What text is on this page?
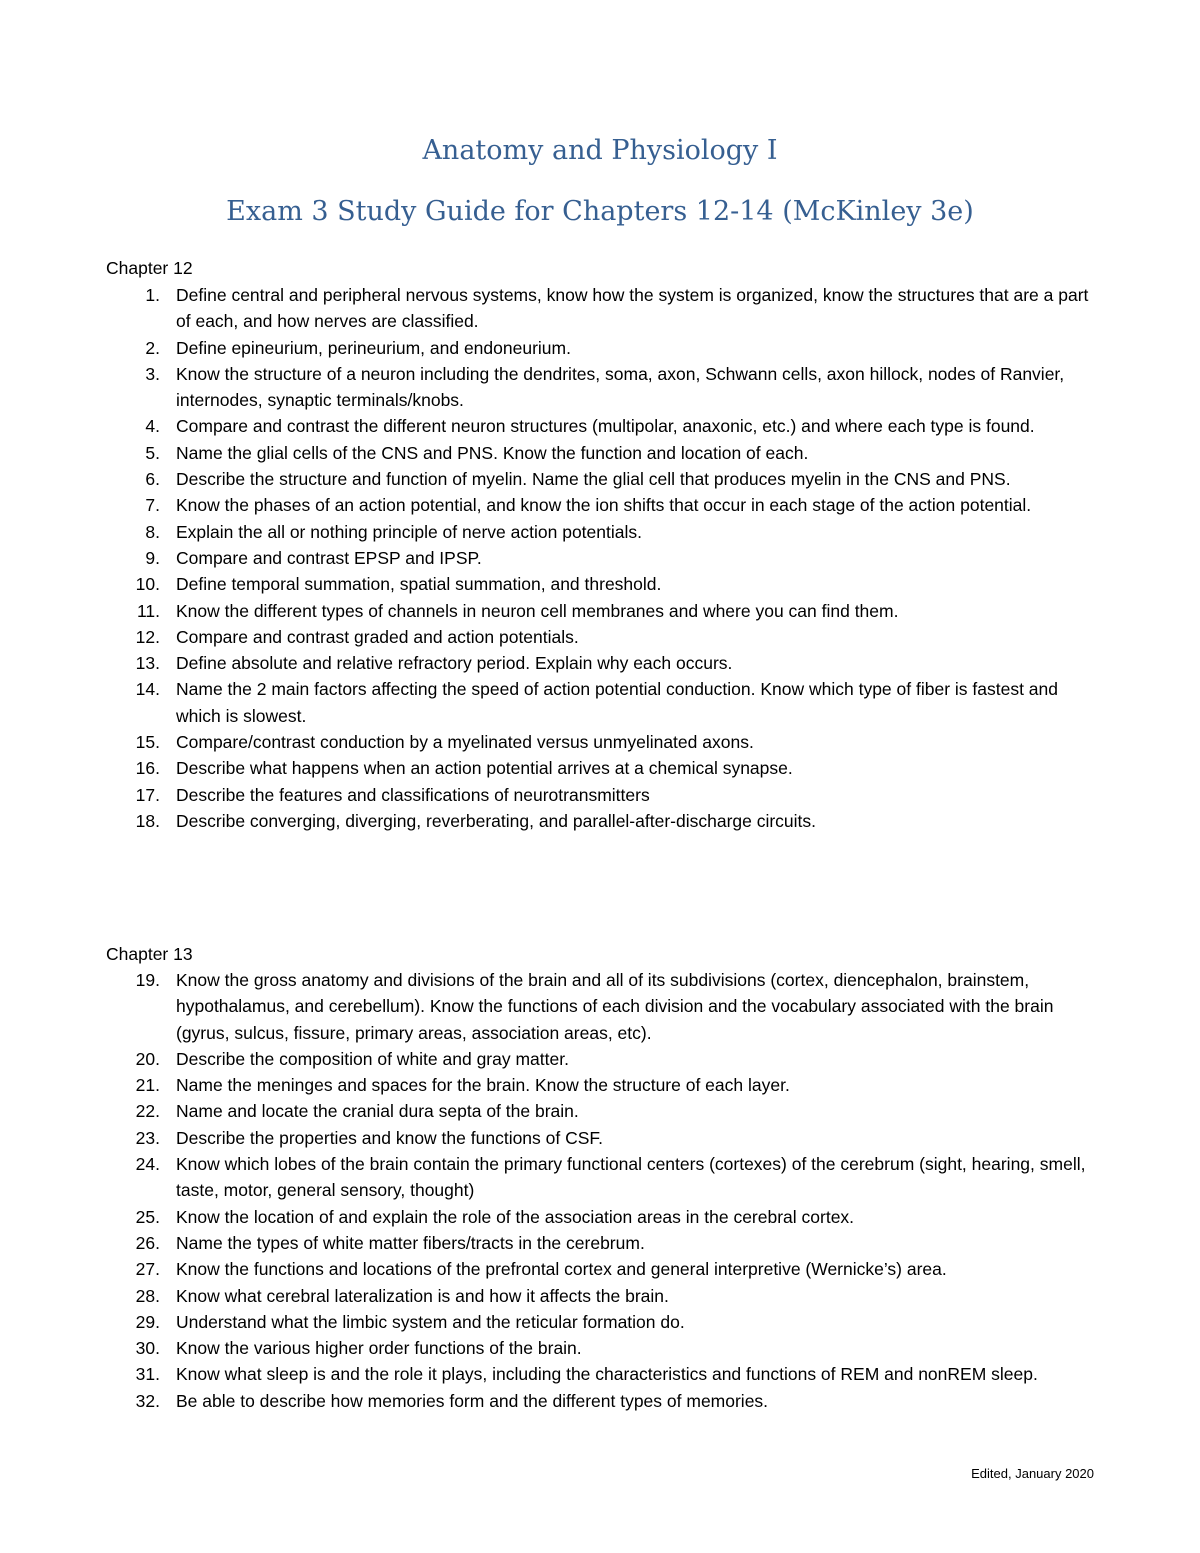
Anatomy and Physiology I
Exam 3 Study Guide for Chapters 12-14 (McKinley 3e)
Chapter 12
1. Define central and peripheral nervous systems, know how the system is organized, know the structures that are a part of each, and how nerves are classified.
2. Define epineurium, perineurium, and endoneurium.
3. Know the structure of a neuron including the dendrites, soma, axon, Schwann cells, axon hillock, nodes of Ranvier, internodes, synaptic terminals/knobs.
4. Compare and contrast the different neuron structures (multipolar, anaxonic, etc.) and where each type is found.
5. Name the glial cells of the CNS and PNS. Know the function and location of each.
6. Describe the structure and function of myelin. Name the glial cell that produces myelin in the CNS and PNS.
7. Know the phases of an action potential, and know the ion shifts that occur in each stage of the action potential.
8. Explain the all or nothing principle of nerve action potentials.
9. Compare and contrast EPSP and IPSP.
10. Define temporal summation, spatial summation, and threshold.
11. Know the different types of channels in neuron cell membranes and where you can find them.
12. Compare and contrast graded and action potentials.
13. Define absolute and relative refractory period. Explain why each occurs.
14. Name the 2 main factors affecting the speed of action potential conduction. Know which type of fiber is fastest and which is slowest.
15. Compare/contrast conduction by a myelinated versus unmyelinated axons.
16. Describe what happens when an action potential arrives at a chemical synapse.
17. Describe the features and classifications of neurotransmitters
18. Describe converging, diverging, reverberating, and parallel-after-discharge circuits.
Chapter 13
19. Know the gross anatomy and divisions of the brain and all of its subdivisions (cortex, diencephalon, brainstem, hypothalamus, and cerebellum). Know the functions of each division and the vocabulary associated with the brain (gyrus, sulcus, fissure, primary areas, association areas, etc).
20. Describe the composition of white and gray matter.
21. Name the meninges and spaces for the brain. Know the structure of each layer.
22. Name and locate the cranial dura septa of the brain.
23. Describe the properties and know the functions of CSF.
24. Know which lobes of the brain contain the primary functional centers (cortexes) of the cerebrum (sight, hearing, smell, taste, motor, general sensory, thought)
25. Know the location of and explain the role of the association areas in the cerebral cortex.
26. Name the types of white matter fibers/tracts in the cerebrum.
27. Know the functions and locations of the prefrontal cortex and general interpretive (Wernicke’s) area.
28. Know what cerebral lateralization is and how it affects the brain.
29. Understand what the limbic system and the reticular formation do.
30. Know the various higher order functions of the brain.
31. Know what sleep is and the role it plays, including the characteristics and functions of REM and nonREM sleep.
32. Be able to describe how memories form and the different types of memories.
Edited, January 2020
